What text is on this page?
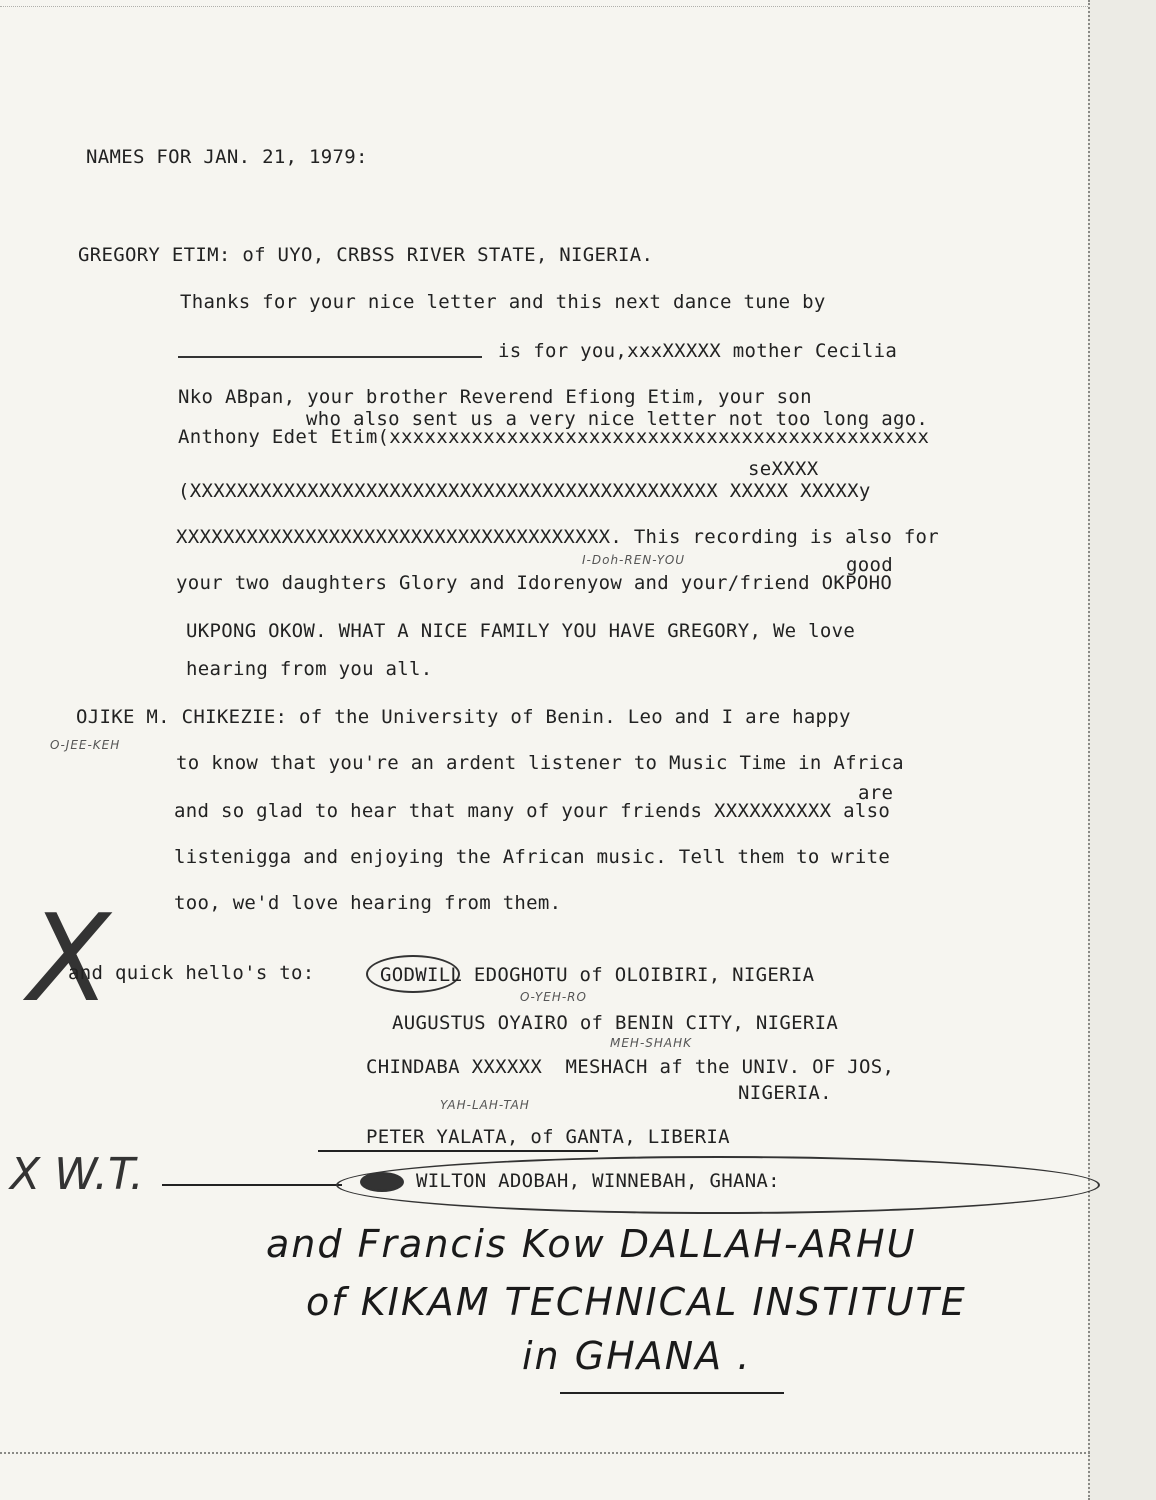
NAMES FOR JAN. 21, 1979:
GREGORY ETIM: of UYO, CRBSS RIVER STATE, NIGERIA.
Thanks for your nice letter and this next dance tune by
is for you,xxxXXXXX mother Cecilia
Nko ABpan, your brother Reverend Efiong Etim, your son
who also sent us a very nice letter not too long ago.
Anthony Edet Etim(xxxxxxxxxxxxxxxxxxxxxxxxxxxxxxxxxxxxxxxxxxxxxx
seXXXX
(XXXXXXXXXXXXXXXXXXXXXXXXXXXXXXXXXXXXXXXXXXXXX XXXXX XXXXXy
XXXXXXXXXXXXXXXXXXXXXXXXXXXXXXXXXXXXX. This recording is also for
I-Doh-REN-YOU	good
your two daughters Glory and Idorenyow and your/friend OKPOHO
UKPONG OKOW. WHAT A NICE FAMILY YOU HAVE GREGORY, We love
hearing from you all.
OJIKE M. CHIKEZIE: of the University of Benin. Leo and I are happy
O-JEE-KEH
to know that you're an ardent listener to Music Time in Africa
are
and so glad to hear that many of your friends XXXXXXXXXX also
listenigga and enjoying the African music. Tell them to write
too, we'd love hearing from them.
X
and quick hello's to:	GODWILL EDOGHOTU of OLOIBIRI, NIGERIA
O-YEH-RO
AUGUSTUS OYAIRO of BENIN CITY, NIGERIA
MEH-SHAHK
CHINDABA XXXXXX  MESHACH af the UNIV. OF JOS,
NIGERIA.
YAH-LAH-TAH
PETER YALATA, of GANTA, LIBERIA
X W.T.	WILTON ADOBAH, WINNEBAH, GHANA:
and Francis Kow DALLAH-ARHU
of KIKAM TECHNICAL INSTITUTE
in GHANA .
